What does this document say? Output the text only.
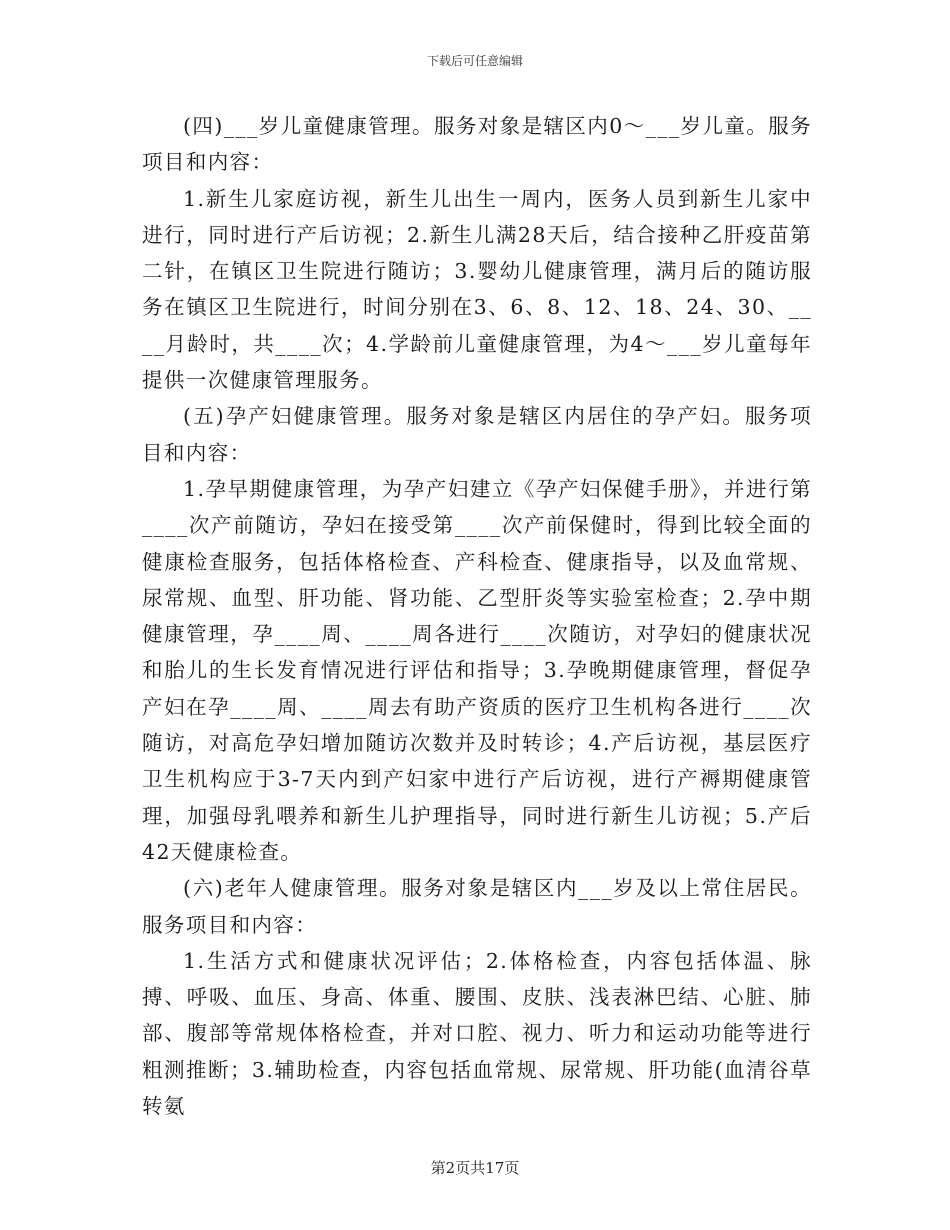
下载后可任意编辑

(四)___岁儿童健康管理。服务对象是辖区内0～___岁儿童。服务项目和内容：

1.新生儿家庭访视，新生儿出生一周内，医务人员到新生儿家中进行，同时进行产后访视；2.新生儿满28天后，结合接种乙肝疫苗第二针，在镇区卫生院进行随访；3.婴幼儿健康管理，满月后的随访服务在镇区卫生院进行，时间分别在3、6、8、12、18、24、30、____月龄时，共____次；4.学龄前儿童健康管理，为4～___岁儿童每年提供一次健康管理服务。

(五)孕产妇健康管理。服务对象是辖区内居住的孕产妇。服务项目和内容：

1.孕早期健康管理，为孕产妇建立《孕产妇保健手册》，并进行第____次产前随访，孕妇在接受第____次产前保健时，得到比较全面的健康检查服务，包括体格检查、产科检查、健康指导，以及血常规、尿常规、血型、肝功能、肾功能、乙型肝炎等实验室检查；2.孕中期健康管理，孕____周、____周各进行____次随访，对孕妇的健康状况和胎儿的生长发育情况进行评估和指导；3.孕晚期健康管理，督促孕产妇在孕____周、____周去有助产资质的医疗卫生机构各进行____次随访，对高危孕妇增加随访次数并及时转诊；4.产后访视，基层医疗卫生机构应于3-7天内到产妇家中进行产后访视，进行产褥期健康管理，加强母乳喂养和新生儿护理指导，同时进行新生儿访视；5.产后42天健康检查。

(六)老年人健康管理。服务对象是辖区内___岁及以上常住居民。服务项目和内容：

1.生活方式和健康状况评估；2.体格检查，内容包括体温、脉搏、呼吸、血压、身高、体重、腰围、皮肤、浅表淋巴结、心脏、肺部、腹部等常规体格检查，并对口腔、视力、听力和运动功能等进行粗测推断；3.辅助检查，内容包括血常规、尿常规、肝功能(血清谷草转氨

第2页共17页
